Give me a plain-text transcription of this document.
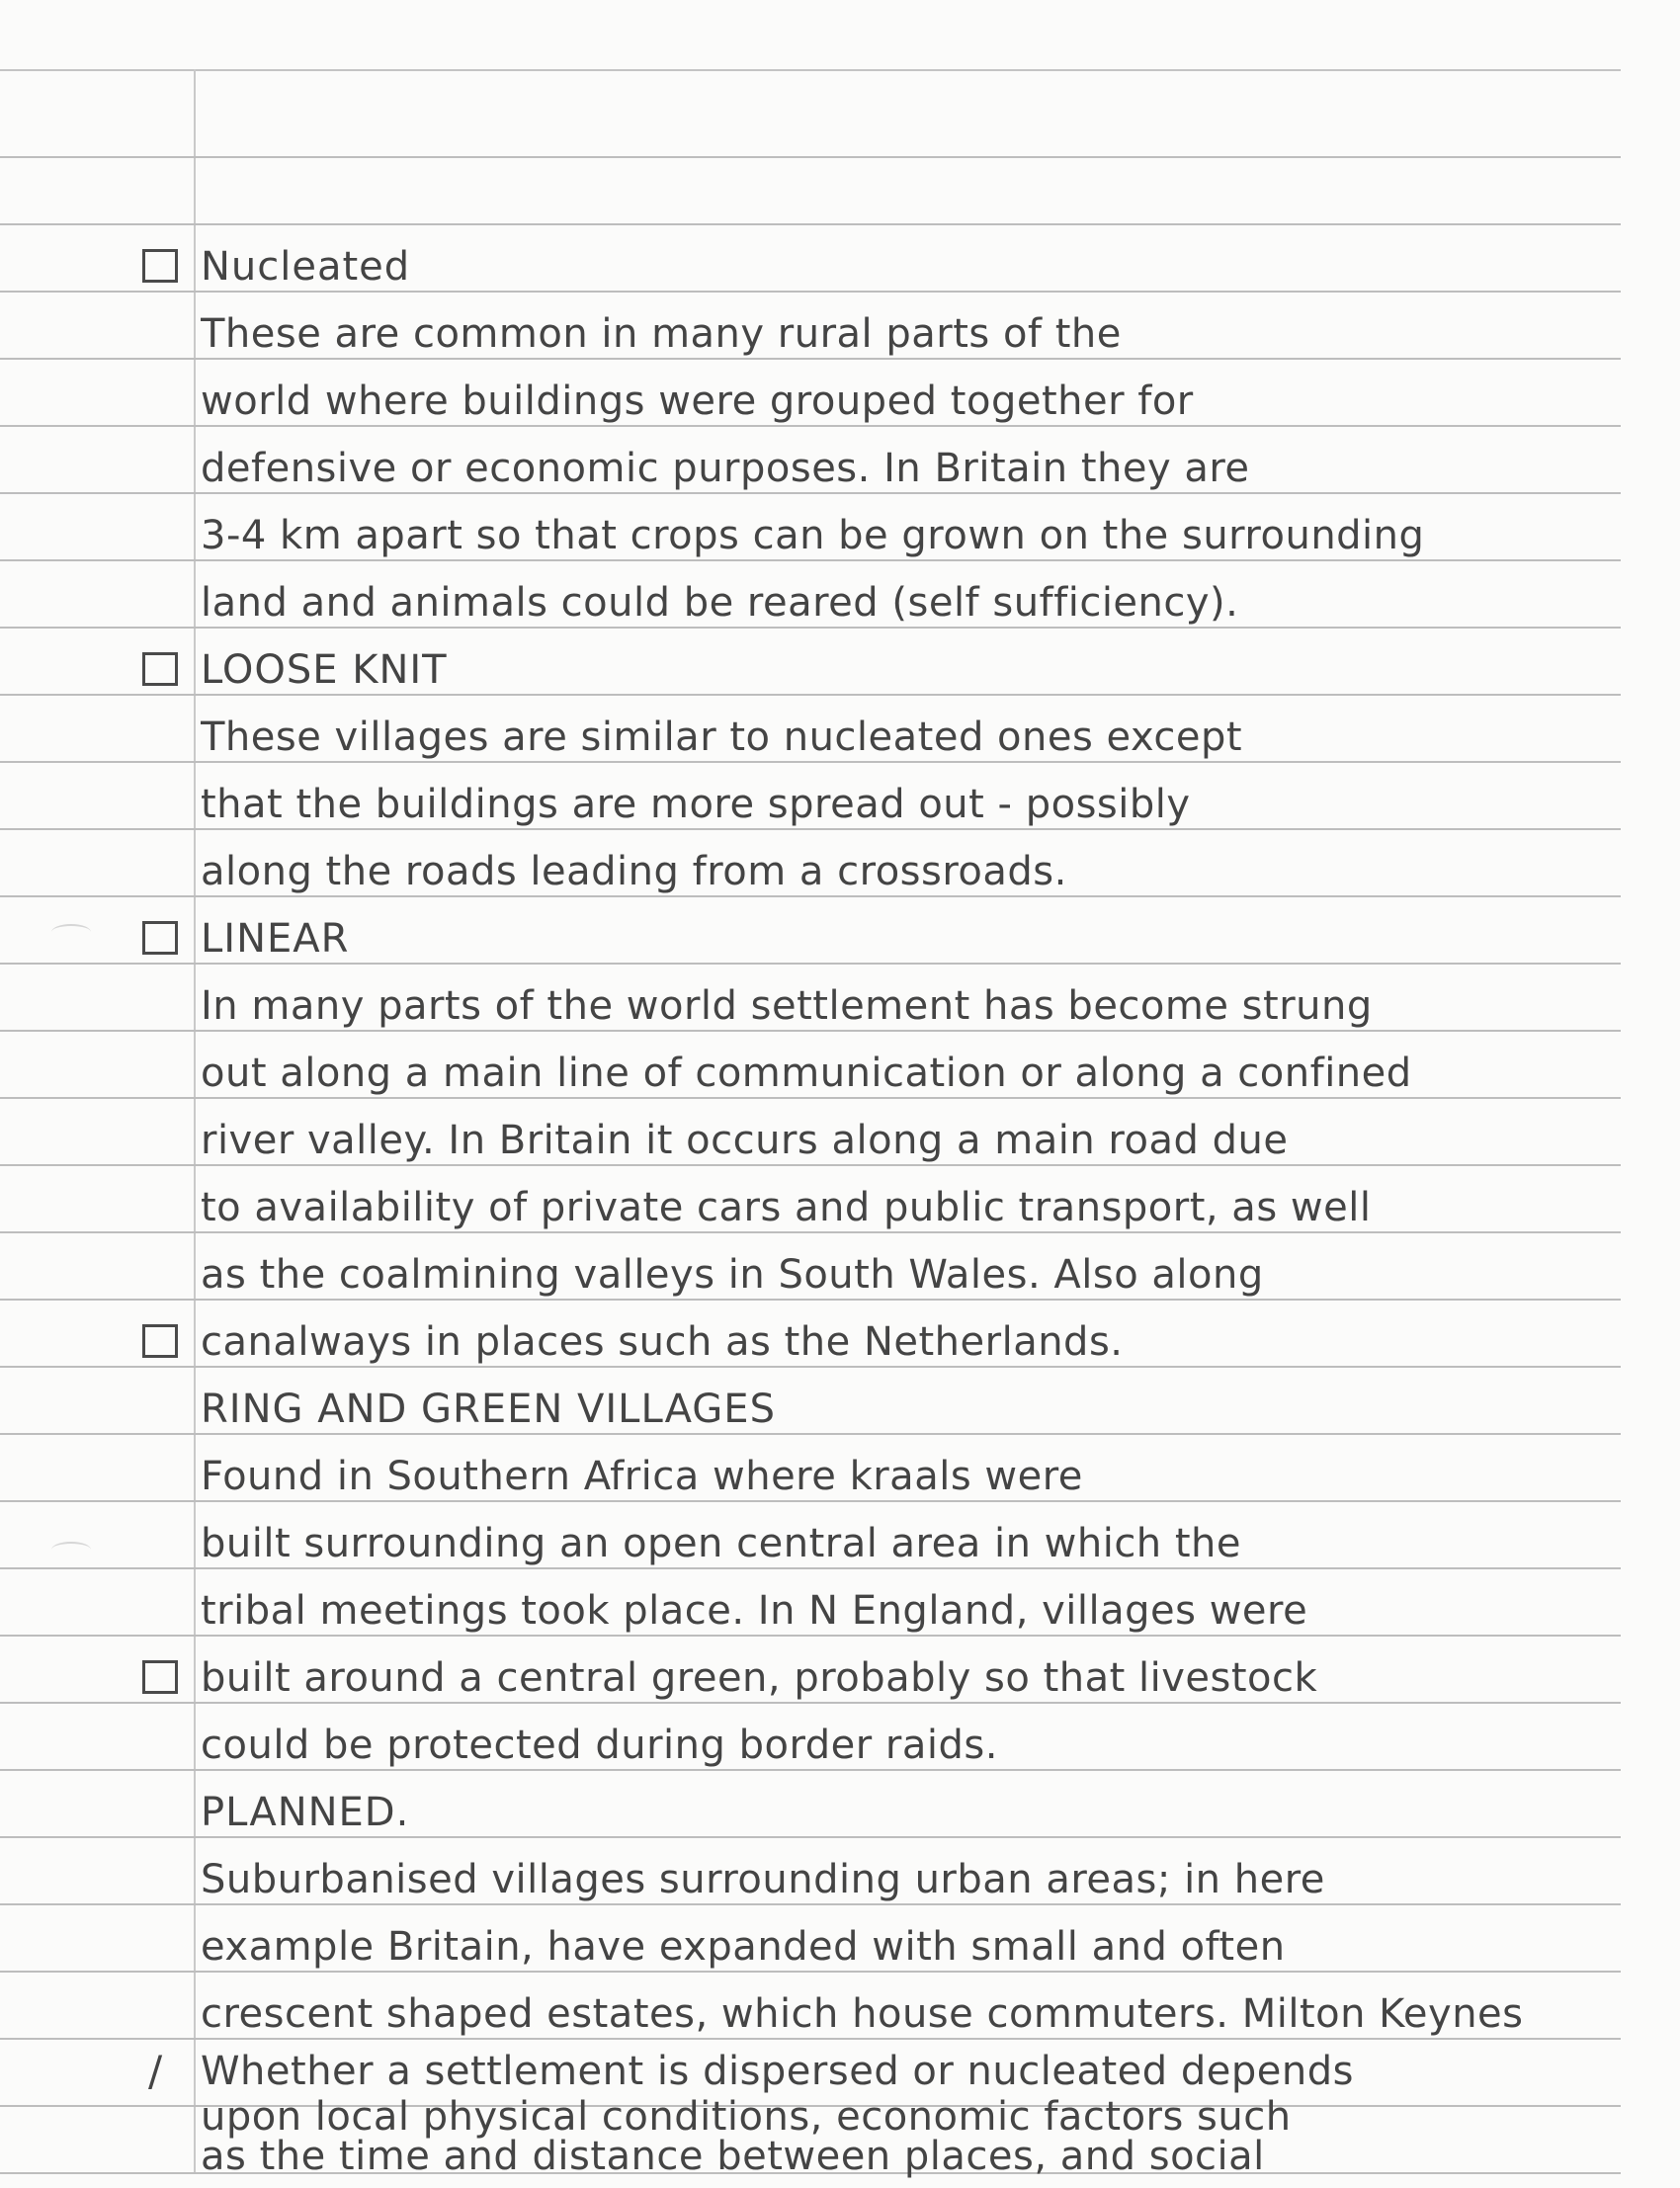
Nucleated
These are common in many rural parts of the
world where buildings were grouped together for
defensive or economic purposes. In Britain they are
3-4 km apart so that crops can be grown on the surrounding
land and animals could be reared (self sufficiency).
LOOSE KNIT
These villages are similar to nucleated ones except
that the buildings are more spread out - possibly
along the roads leading from a crossroads.
LINEAR
In many parts of the world settlement has become strung
out along a main line of communication or along a confined
river valley. In Britain it occurs along a main road due
to availability of private cars and public transport, as well
as the coalmining valleys in South Wales. Also along
canalways in places such as the Netherlands.
RING AND GREEN VILLAGES
Found in Southern Africa where kraals were
built surrounding an open central area in which the
tribal meetings took place. In N England, villages were
built around a central green, probably so that livestock
could be protected during border raids.
PLANNED.
Suburbanised villages surrounding urban areas; in here
example Britain, have expanded with small and often
crescent shaped estates, which house commuters. Milton Keynes
/ Whether a settlement is dispersed or nucleated depends
upon local physical conditions, economic factors such
as the time and distance between places, and social
